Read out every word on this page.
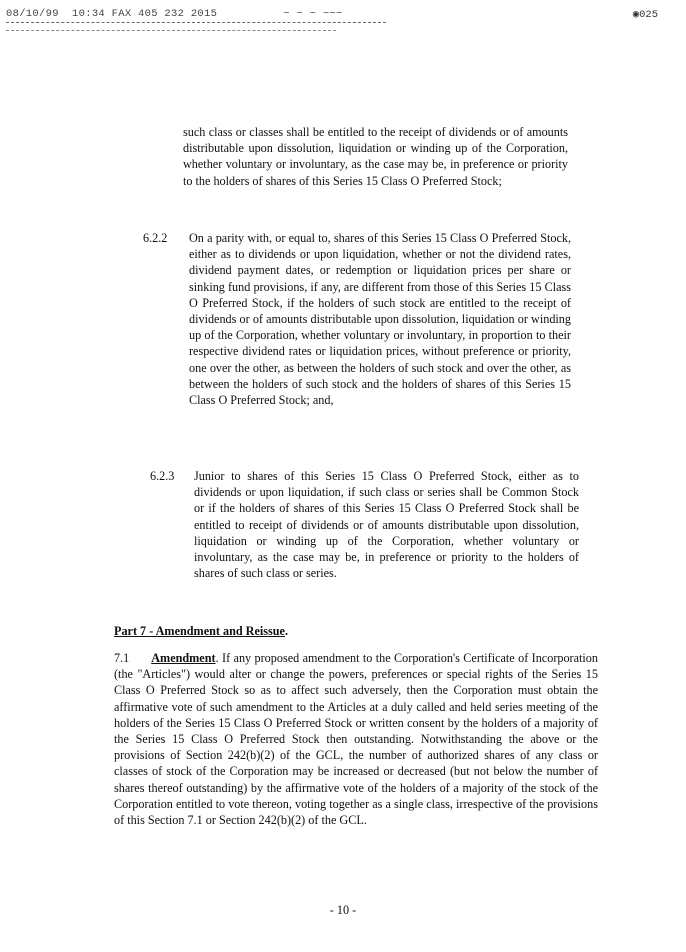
08/10/99  10:34 FAX 405 232 2015          ~ ~ ~ ~~~	◉025
such class or classes shall be entitled to the receipt of dividends or of amounts distributable upon dissolution, liquidation or winding up of the Corporation, whether voluntary or involuntary, as the case may be, in preference or priority to the holders of shares of this Series 15 Class O Preferred Stock;
6.2.2 On a parity with, or equal to, shares of this Series 15 Class O Preferred Stock, either as to dividends or upon liquidation, whether or not the dividend rates, dividend payment dates, or redemption or liquidation prices per share or sinking fund provisions, if any, are different from those of this Series 15 Class O Preferred Stock, if the holders of such stock are entitled to the receipt of dividends or of amounts distributable upon dissolution, liquidation or winding up of the Corporation, whether voluntary or involuntary, in proportion to their respective dividend rates or liquidation prices, without preference or priority, one over the other, as between the holders of such stock and over the other, as between the holders of such stock and the holders of shares of this Series 15 Class O Preferred Stock; and,
6.2.3 Junior to shares of this Series 15 Class O Preferred Stock, either as to dividends or upon liquidation, if such class or series shall be Common Stock or if the holders of shares of this Series 15 Class O Preferred Stock shall be entitled to receipt of dividends or of amounts distributable upon dissolution, liquidation or winding up of the Corporation, whether voluntary or involuntary, as the case may be, in preference or priority to the holders of shares of such class or series.
Part 7 - Amendment and Reissue.
7.1 Amendment. If any proposed amendment to the Corporation's Certificate of Incorporation (the "Articles") would alter or change the powers, preferences or special rights of the Series 15 Class O Preferred Stock so as to affect such adversely, then the Corporation must obtain the affirmative vote of such amendment to the Articles at a duly called and held series meeting of the holders of the Series 15 Class O Preferred Stock or written consent by the holders of a majority of the Series 15 Class O Preferred Stock then outstanding. Notwithstanding the above or the provisions of Section 242(b)(2) of the GCL, the number of authorized shares of any class or classes of stock of the Corporation may be increased or decreased (but not below the number of shares thereof outstanding) by the affirmative vote of the holders of a majority of the stock of the Corporation entitled to vote thereon, voting together as a single class, irrespective of the provisions of this Section 7.1 or Section 242(b)(2) of the GCL.
- 10 -
